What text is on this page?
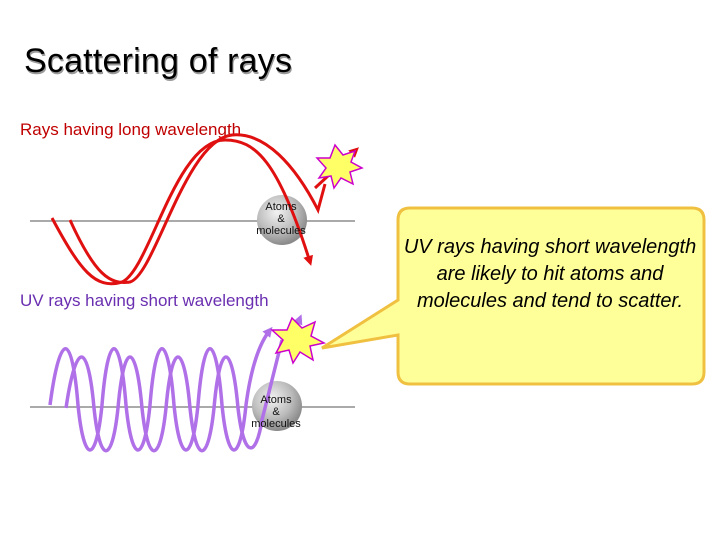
Scattering of rays
Rays having long wavelength
UV rays having short wavelength
Atoms
&
molecules
Atoms
&
molecules
UV rays having short wavelength are likely to hit atoms and molecules and tend to scatter.
